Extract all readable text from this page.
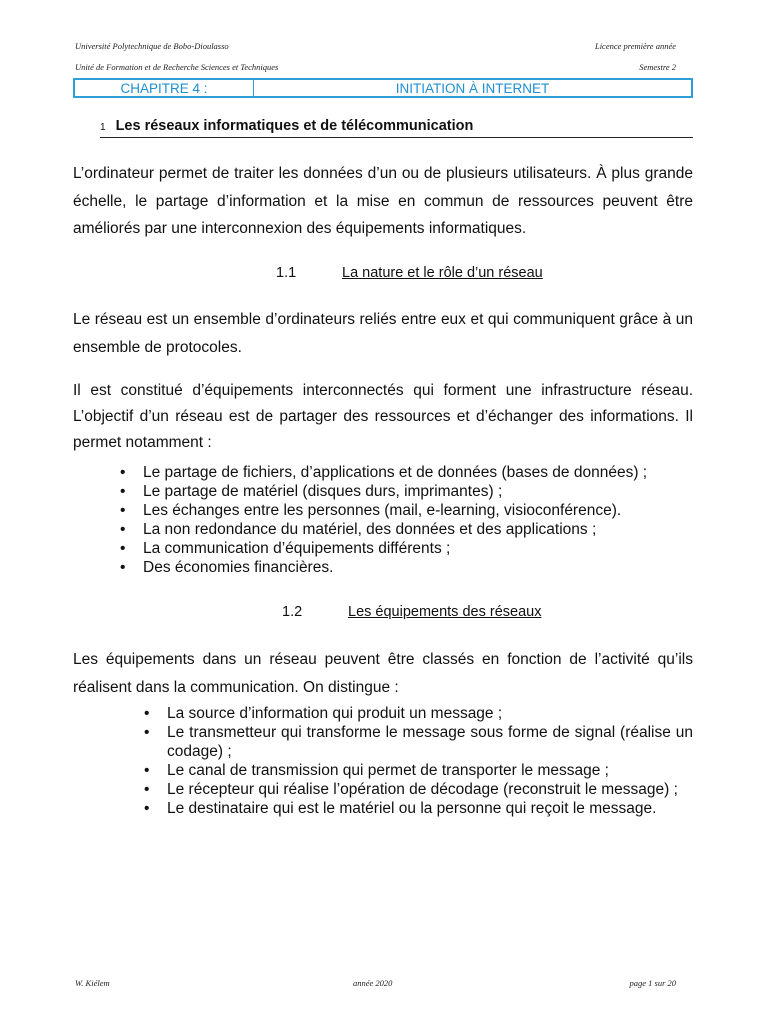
Université Polytechnique de Bobo-Dioulasso	Licence première année
Unité de Formation et de Recherche Sciences et Techniques	Semestre 2
CHAPITRE 4 :	INITIATION À INTERNET
1 Les réseaux informatiques et de télécommunication
L’ordinateur permet de traiter les données d’un ou de plusieurs utilisateurs. À plus grande échelle, le partage d’information et la mise en commun de ressources peuvent être améliorés par une interconnexion des équipements informatiques.
1.1	La nature et le rôle d’un réseau
Le réseau est un ensemble d’ordinateurs reliés entre eux et qui communiquent grâce à un ensemble de protocoles.
Il est constitué d’équipements interconnectés qui forment une infrastructure réseau. L’objectif d’un réseau est de partager des ressources et d’échanger des informations. Il permet notamment :
• Le partage de fichiers, d’applications et de données (bases de données) ;
• Le partage de matériel (disques durs, imprimantes) ;
• Les échanges entre les personnes (mail, e-learning, visioconférence).
• La non redondance du matériel, des données et des applications ;
• La communication d’équipements différents ;
• Des économies financières.
1.2	Les équipements des réseaux
Les équipements dans un réseau peuvent être classés en fonction de l’activité qu’ils réalisent dans la communication. On distingue :
• La source d’information qui produit un message ;
• Le transmetteur qui transforme le message sous forme de signal (réalise un codage) ;
• Le canal de transmission qui permet de transporter le message ;
• Le récepteur qui réalise l’opération de décodage (reconstruit le message) ;
• Le destinataire qui est le matériel ou la personne qui reçoit le message.
W. Kiélem	année 2020	page 1 sur 20
